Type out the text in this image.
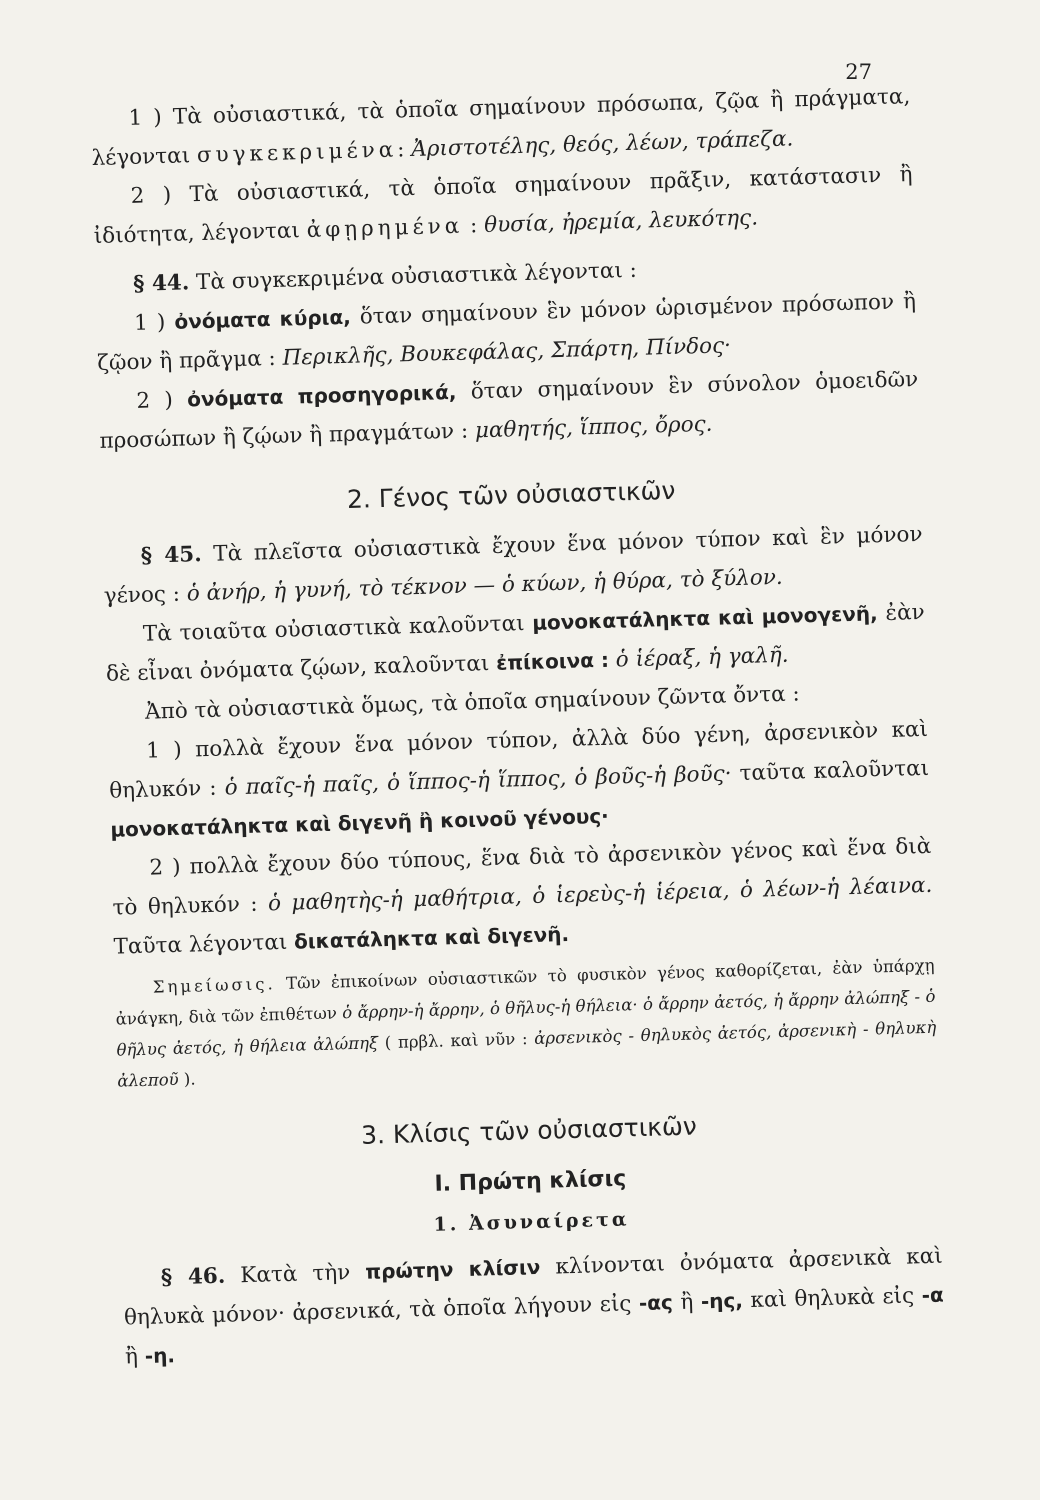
27

1 ) Τὰ οὐσιαστικά, τὰ ὁποῖα σημαίνουν πρόσωπα, ζῷα ἢ πράγματα, λέγονται συγκεκριμένα: Ἀριστοτέλης, θεός, λέων, τράπεζα.

2 ) Τὰ οὐσιαστικά, τὰ ὁποῖα σημαίνουν πρᾶξιν, κατάστασιν ἢ ἰδιότητα, λέγονται ἀφῃρημένα : θυσία, ἠρεμία, λευκότης.

§ 44. Τὰ συγκεκριμένα οὐσιαστικὰ λέγονται :

1 ) ὀνόματα κύρια, ὅταν σημαίνουν ἓν μόνον ὡρισμένον πρόσωπον ἢ ζῷον ἢ πρᾶγμα : Περικλῆς, Βουκεφάλας, Σπάρτη, Πίνδος·

2 ) ὀνόματα προσηγορικά, ὅταν σημαίνουν ἓν σύνολον ὁμοειδῶν προσώπων ἢ ζῴων ἢ πραγμάτων : μαθητής, ἵππος, ὄρος.

2. Γένος τῶν οὐσιαστικῶν

§ 45. Τὰ πλεῖστα οὐσιαστικὰ ἔχουν ἕνα μόνον τύπον καὶ ἓν μόνον γένος : ὁ ἀνήρ, ἡ γυνή, τὸ τέκνον — ὁ κύων, ἡ θύρα, τὸ ξύλον.

Τὰ τοιαῦτα οὐσιαστικὰ καλοῦνται μονοκατάληκτα καὶ μονογενῆ, ἐὰν δὲ εἶναι ὀνόματα ζῴων, καλοῦνται ἐπίκοινα : ὁ ἱέραξ, ἡ γαλῆ.

Ἀπὸ τὰ οὐσιαστικὰ ὅμως, τὰ ὁποῖα σημαίνουν ζῶντα ὄντα :

1 ) πολλὰ ἔχουν ἕνα μόνον τύπον, ἀλλὰ δύο γένη, ἀρσενικὸν καὶ θηλυκόν : ὁ παῖς-ἡ παῖς, ὁ ἵππος-ἡ ἵππος, ὁ βοῦς-ἡ βοῦς· ταῦτα καλοῦνται μονοκατάληκτα καὶ διγενῆ ἢ κοινοῦ γένους·

2 ) πολλὰ ἔχουν δύο τύπους, ἕνα διὰ τὸ ἀρσενικὸν γένος καὶ ἕνα διὰ τὸ θηλυκόν : ὁ μαθητὴς-ἡ μαθήτρια, ὁ ἱερεὺς-ἡ ἱέρεια, ὁ λέων-ἡ λέαινα. Ταῦτα λέγονται δικατάληκτα καὶ διγενῆ.

Σημείωσις. Τῶν ἐπικοίνων οὐσιαστικῶν τὸ φυσικὸν γένος καθορίζεται, ἐὰν ὑπάρχῃ ἀνάγκη, διὰ τῶν ἐπιθέτων ὁ ἄρρην-ἡ ἄρρην, ὁ θῆλυς-ἡ θήλεια· ὁ ἄρρην ἀετός, ἡ ἄρρην ἀλώπηξ - ὁ θῆλυς ἀετός, ἡ θήλεια ἀλώπηξ ( πρβλ. καὶ νῦν : ἀρσενικὸς - θηλυκὸς ἀετός, ἀρσενικὴ - θηλυκὴ ἀλεποῦ ).

3. Κλίσις τῶν οὐσιαστικῶν
Ι. Πρώτη κλίσις
1. Ἀσυναίρετα

§ 46. Κατὰ τὴν πρώτην κλίσιν κλίνονται ὀνόματα ἀρσενικὰ καὶ θηλυκὰ μόνον· ἀρσενικά, τὰ ὁποῖα λήγουν εἰς -ας ἢ -ης, καὶ θηλυκὰ εἰς -α ἢ -η.
